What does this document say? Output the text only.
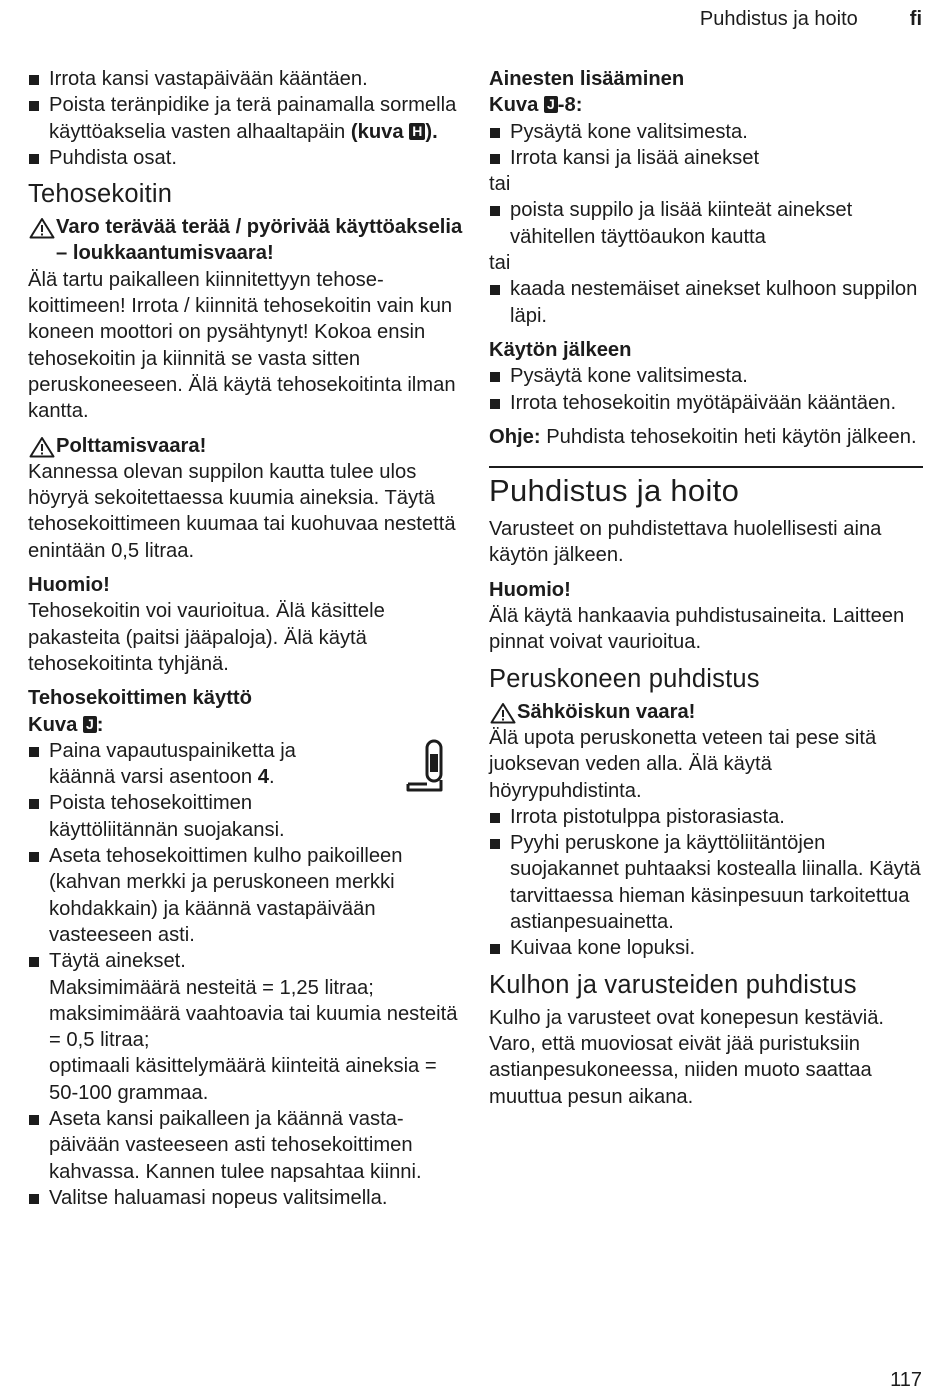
Puhdistus ja hoito	fi
Irrota kansi vastapäivään kääntäen.
Poista teränpidike ja terä painamalla sormella käyttöakselia vasten alhaaltapäin (kuva H ).
Puhdista osat.
Tehosekoitin
Varo terävää terää / pyörivää käyttöakselia – loukkaantumisvaara!

Älä tartu paikalleen kiinnitettyyn tehosekoittimeen! Irrota / kiinnitä tehosekoitin vain kun koneen moottori on pysähtynyt! Kokoa ensin tehosekoitin ja kiinnitä se vasta sitten peruskoneeseen. Älä käytä tehosekoitinta ilman kantta.

Polttamisvaara!

Kannessa olevan suppilon kautta tulee ulos höyryä sekoitettaessa kuumia aineksia. Täytä tehosekoittimeen kuumaa tai kuohuvaa nestettä enintään 0,5 litraa.

Huomio!

Tehosekoitin voi vaurioitua. Älä käsittele pakasteita (paitsi jääpaloja). Älä käytä tehosekoitinta tyhjänä.

Tehosekoittimen käyttö

Kuva J :

Paina vapautuspainiketta ja käännä varsi asentoon 4.
Poista tehosekoittimen käyttöliitännän suojakansi.
Aseta tehosekoittimen kulho paikoilleen (kahvan merkki ja peruskoneen merkki kohdakkain) ja käännä vastapäivään vasteeseen asti.
Täytä ainekset.
Maksimimäärä nesteitä = 1,25 litraa;
maksimimäärä vaahtoavia tai kuumia nesteitä = 0,5 litraa;
optimaali käsittelymäärä kiinteitä aineksia = 50-100 grammaa.
Aseta kansi paikalleen ja käännä vastapäivään vasteeseen asti tehosekoittimen kahvassa. Kannen tulee napsahtaa kiinni.
Valitse haluamasi nopeus valitsimella.

Ainesten lisääminen

Kuva J -8:

Pysäytä kone valitsimesta.
Irrota kansi ja lisää ainekset

tai

poista suppilo ja lisää kiinteät ainekset vähitellen täyttöaukon kautta

tai

kaada nestemäiset ainekset kulhoon suppilon läpi.

Käytön jälkeen

Pysäytä kone valitsimesta.
Irrota tehosekoitin myötäpäivään kääntäen.

Ohje: Puhdista tehosekoitin heti käytön jälkeen.

Puhdistus ja hoito

Varusteet on puhdistettava huolellisesti aina käytön jälkeen.

Huomio!

Älä käytä hankaavia puhdistusaineita. Laitteen pinnat voivat vaurioitua.

Peruskoneen puhdistus
Sähköiskun vaara!

Älä upota peruskonetta veteen tai pese sitä juoksevan veden alla. Älä käytä höyrypuhdistinta.

Irrota pistotulppa pistorasiasta.
Pyyhi peruskone ja käyttöliitäntöjen suojakannet puhtaaksi kostealla liinalla. Käytä tarvittaessa hieman käsinpesuun tarkoitettua astianpesuainetta.
Kuivaa kone lopuksi.
Kulhon ja varusteiden puhdistus

Kulho ja varusteet ovat konepesun kestäviä. Varo, että muoviosat eivät jää puristuksiin astianpesukoneessa, niiden muoto saattaa muuttua pesun aikana.

117
